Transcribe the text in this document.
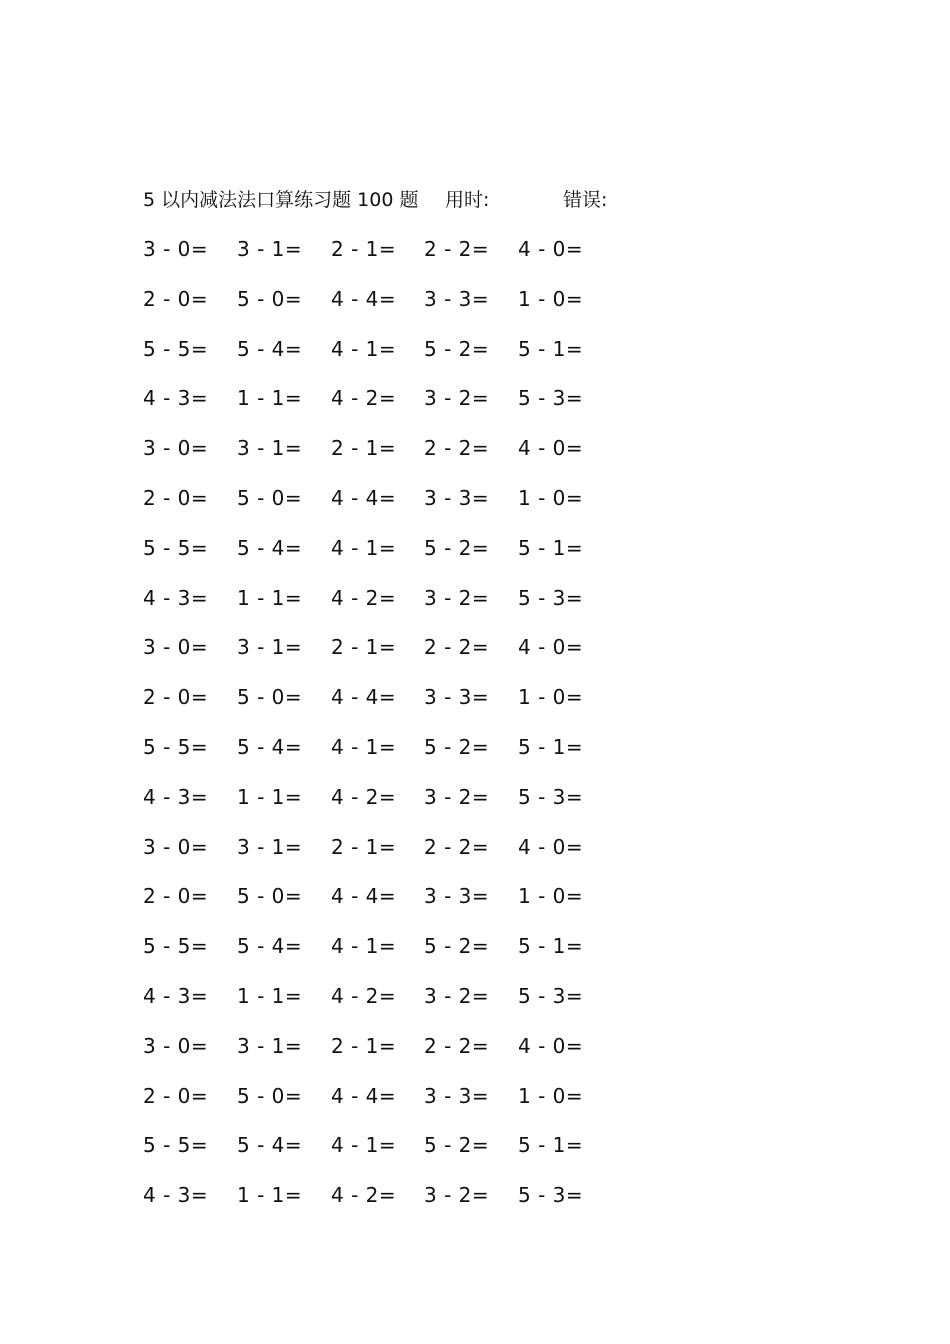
5 以内减法法口算练习题 100 题 用时:	错误:
3 - 0= 3 - 1= 2 - 1= 2 - 2= 4 - 0=
2 - 0= 5 - 0= 4 - 4= 3 - 3= 1 - 0=
5 - 5= 5 - 4= 4 - 1= 5 - 2= 5 - 1=
4 - 3= 1 - 1= 4 - 2= 3 - 2= 5 - 3=
3 - 0= 3 - 1= 2 - 1= 2 - 2= 4 - 0=
2 - 0= 5 - 0= 4 - 4= 3 - 3= 1 - 0=
5 - 5= 5 - 4= 4 - 1= 5 - 2= 5 - 1=
4 - 3= 1 - 1= 4 - 2= 3 - 2= 5 - 3=
3 - 0= 3 - 1= 2 - 1= 2 - 2= 4 - 0=
2 - 0= 5 - 0= 4 - 4= 3 - 3= 1 - 0=
5 - 5= 5 - 4= 4 - 1= 5 - 2= 5 - 1=
4 - 3= 1 - 1= 4 - 2= 3 - 2= 5 - 3=
3 - 0= 3 - 1= 2 - 1= 2 - 2= 4 - 0=
2 - 0= 5 - 0= 4 - 4= 3 - 3= 1 - 0=
5 - 5= 5 - 4= 4 - 1= 5 - 2= 5 - 1=
4 - 3= 1 - 1= 4 - 2= 3 - 2= 5 - 3=
3 - 0= 3 - 1= 2 - 1= 2 - 2= 4 - 0=
2 - 0= 5 - 0= 4 - 4= 3 - 3= 1 - 0=
5 - 5= 5 - 4= 4 - 1= 5 - 2= 5 - 1=
4 - 3= 1 - 1= 4 - 2= 3 - 2= 5 - 3=
